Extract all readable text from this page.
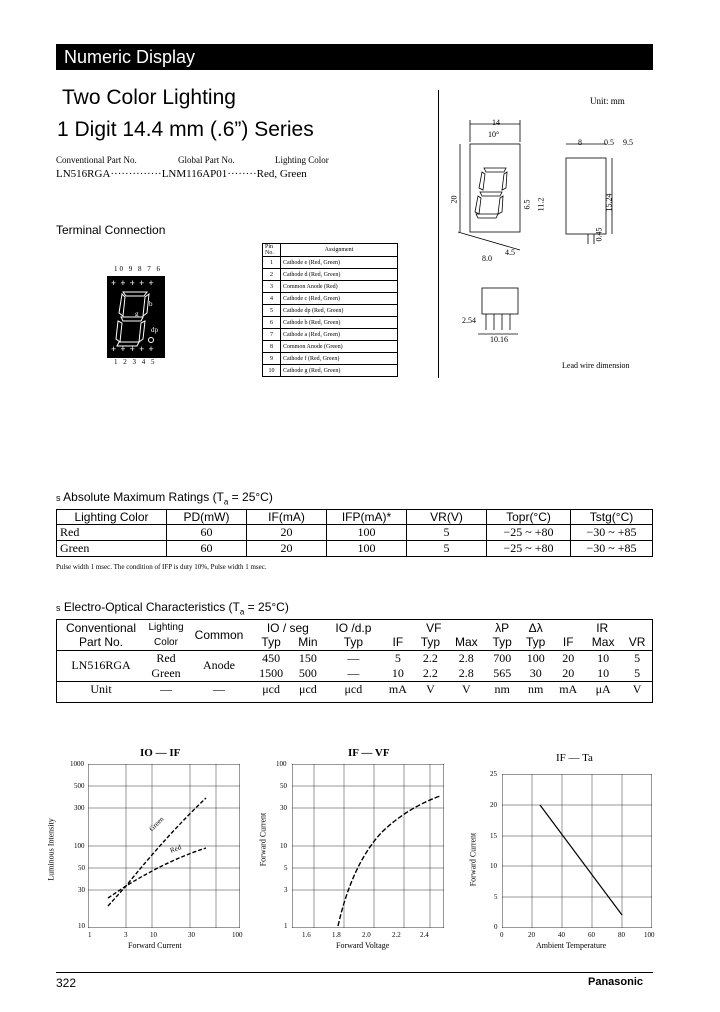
Numeric Display
Two Color Lighting
1 Digit 14.4 mm (.6”) Series
Conventional Part No.	Global Part No.	Lighting Color
LN516RGA··············LNM116AP01········Red, Green
Terminal Connection
10 9 8 7 6
+ + + + +
b
g
dp
+ + + + +
1 2 3 4 5
Pin No.	Assignment
1	Cathode e (Red, Green)
2	Cathode d (Red, Green)
3	Common Anode (Red)
4	Cathode c (Red, Green)
5	Cathode dp (Red, Green)
6	Cathode b (Red, Green)
7	Cathode a (Red, Green)
8	Common Anode (Green)
9	Cathode f (Red, Green)
10	Cathode g (Red, Green)
Unit: mm
14
10°
20
8	0.5 9.5
15.24
0.45
6.5 11.2
4.5
8.0
2.54
10.16
Lead wire dimension
s Absolute Maximum Ratings $(T_a = 25^\circ C)$
Lighting Color	PD(mW)	IF(mA)	IFP(mA)*	VR(V)	Topr(°C)	Tstg(°C)
Red	60	20	100	5	−25 ~ +80	−30 ~ +85
Green	60	20	100	5	−25 ~ +80	−30 ~ +85
Pulse width 1 msec. The condition of IFP is duty 10%, Pulse width 1 msec.
s Electro-Optical Characteristics $(T_a = 25^\circ C)$
Conventional	Lighting	Common	IO / seg		IO /d.p	VF			λP	Δλ	IR		
Part No.	Color		Typ	Min	Typ	IF	Typ	Max	Typ	Typ	IF	Max	VR
LN516RGA	Red	Anode	450	150	—	5	2.2	2.8	700	100	20	10	5
	Green		1500	500	—	10	2.2	2.8	565	30	20	10	5
Unit	—	—	μcd	μcd	μcd	mA	V	V	nm	nm	mA	μA	V
IO — IF
Green
Red
1000
500
300
100
50
30
10
1	3	10	30	100
Forward Current
Luminous Intensity
IF — VF
100
50
30
10
5
3
1
1.6	1.8	2.0	2.2	2.4
Forward Voltage
Forward Current
IF — Ta
25
20
15
10
5
0
0	20	40	60	80	100
Ambient Temperature
Forward Current
322	Panasonic
